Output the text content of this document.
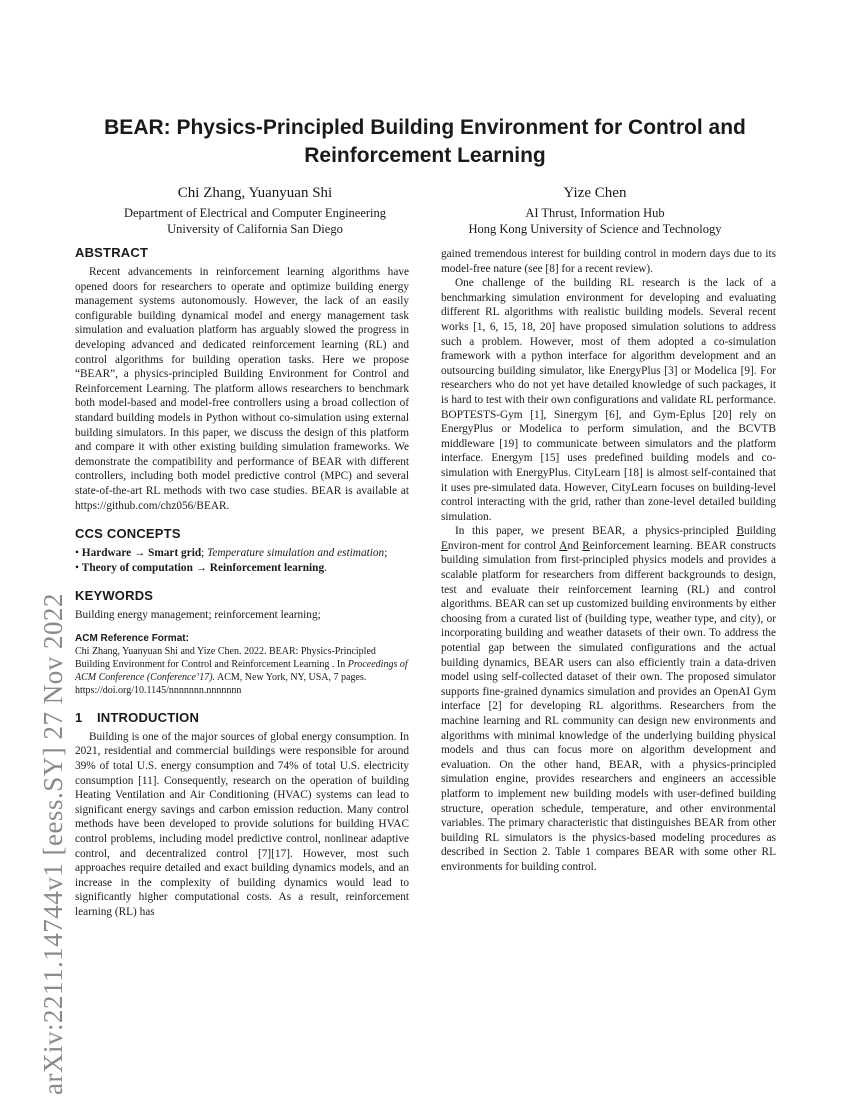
BEAR: Physics-Principled Building Environment for Control and Reinforcement Learning
Chi Zhang, Yuanyuan Shi
Department of Electrical and Computer Engineering
University of California San Diego
Yize Chen
AI Thrust, Information Hub
Hong Kong University of Science and Technology
arXiv:2211.14744v1 [eess.SY] 27 Nov 2022
ABSTRACT

Recent advancements in reinforcement learning algorithms have opened doors for researchers to operate and optimize building energy management systems autonomously. However, the lack of an easily configurable building dynamical model and energy management task simulation and evaluation platform has arguably slowed the progress in developing advanced and dedicated reinforcement learning (RL) and control algorithms for building operation tasks. Here we propose “BEAR”, a physics-principled Building Environment for Control and Reinforcement Learning. The platform allows researchers to benchmark both model-based and model-free controllers using a broad collection of standard building models in Python without co-simulation using external building simulators. In this paper, we discuss the design of this platform and compare it with other existing building simulation frameworks. We demonstrate the compatibility and performance of BEAR with different controllers, including both model predictive control (MPC) and several state-of-the-art RL methods with two case studies. BEAR is available at https://github.com/chz056/BEAR.

CCS CONCEPTS

• Hardware → Smart grid; Temperature simulation and estimation;

• Theory of computation → Reinforcement learning.

KEYWORDS

Building energy management; reinforcement learning;

ACM Reference Format:
Chi Zhang, Yuanyuan Shi and Yize Chen. 2022. BEAR: Physics-Principled Building Environment for Control and Reinforcement Learning . In Proceedings of ACM Conference (Conference’17). ACM, New York, NY, USA, 7 pages. https://doi.org/10.1145/nnnnnnn.nnnnnnn
1 INTRODUCTION

Building is one of the major sources of global energy consumption. In 2021, residential and commercial buildings were responsible for around 39% of total U.S. energy consumption and 74% of total U.S. electricity consumption [11]. Consequently, research on the operation of building Heating Ventilation and Air Conditioning (HVAC) systems can lead to significant energy savings and carbon emission reduction. Many control methods have been developed to provide solutions for building HVAC control problems, including model predictive control, nonlinear adaptive control, and decentralized control [7][17]. However, most such approaches require detailed and exact building dynamics models, and an increase in the complexity of building dynamics would lead to significantly higher computational costs. As a result, reinforcement learning (RL) has

gained tremendous interest for building control in modern days due to its model-free nature (see [8] for a recent review).

One challenge of the building RL research is the lack of a benchmarking simulation environment for developing and evaluating different RL algorithms with realistic building models. Several recent works [1, 6, 15, 18, 20] have proposed simulation solutions to address such a problem. However, most of them adopted a co-simulation framework with a python interface for algorithm development and an outsourcing building simulator, like EnergyPlus [3] or Modelica [9]. For researchers who do not yet have detailed knowledge of such packages, it is hard to test with their own configurations and validate RL performance. BOPTESTS-Gym [1], Sinergym [6], and Gym-Eplus [20] rely on EnergyPlus or Modelica to perform simulation, and the BCVTB middleware [19] to communicate between simulators and the platform interface. Energym [15] uses predefined building models and co-simulation with EnergyPlus. CityLearn [18] is almost self-contained that it uses pre-simulated data. However, CityLearn focuses on building-level control interacting with the grid, rather than zone-level detailed building simulation.

In this paper, we present BEAR, a physics-principled Building Environ-ment for control And Reinforcement learning. BEAR constructs building simulation from first-principled physics models and provides a scalable platform for researchers from different backgrounds to design, test and evaluate their reinforcement learning (RL) and control algorithms. BEAR can set up customized building environments by either choosing from a curated list of (building type, weather type, and city), or incorporating building and weather datasets of their own. To address the potential gap between the simulated configurations and the actual building dynamics, BEAR users can also efficiently train a data-driven model using self-collected dataset of their own. The proposed simulator supports fine-grained dynamics simulation and provides an OpenAI Gym interface [2] for developing RL algorithms. Researchers from the machine learning and RL community can design new environments and algorithms with minimal knowledge of the underlying building physical models and thus can focus more on algorithm development and evaluation. On the other hand, BEAR, with a physics-principled simulation engine, provides researchers and engineers an accessible platform to implement new building models with user-defined building structure, operation schedule, temperature, and other environmental variables. The primary characteristic that distinguishes BEAR from other building RL simulators is the physics-based modeling procedures as described in Section 2. Table 1 compares BEAR with some other RL environments for building control.
